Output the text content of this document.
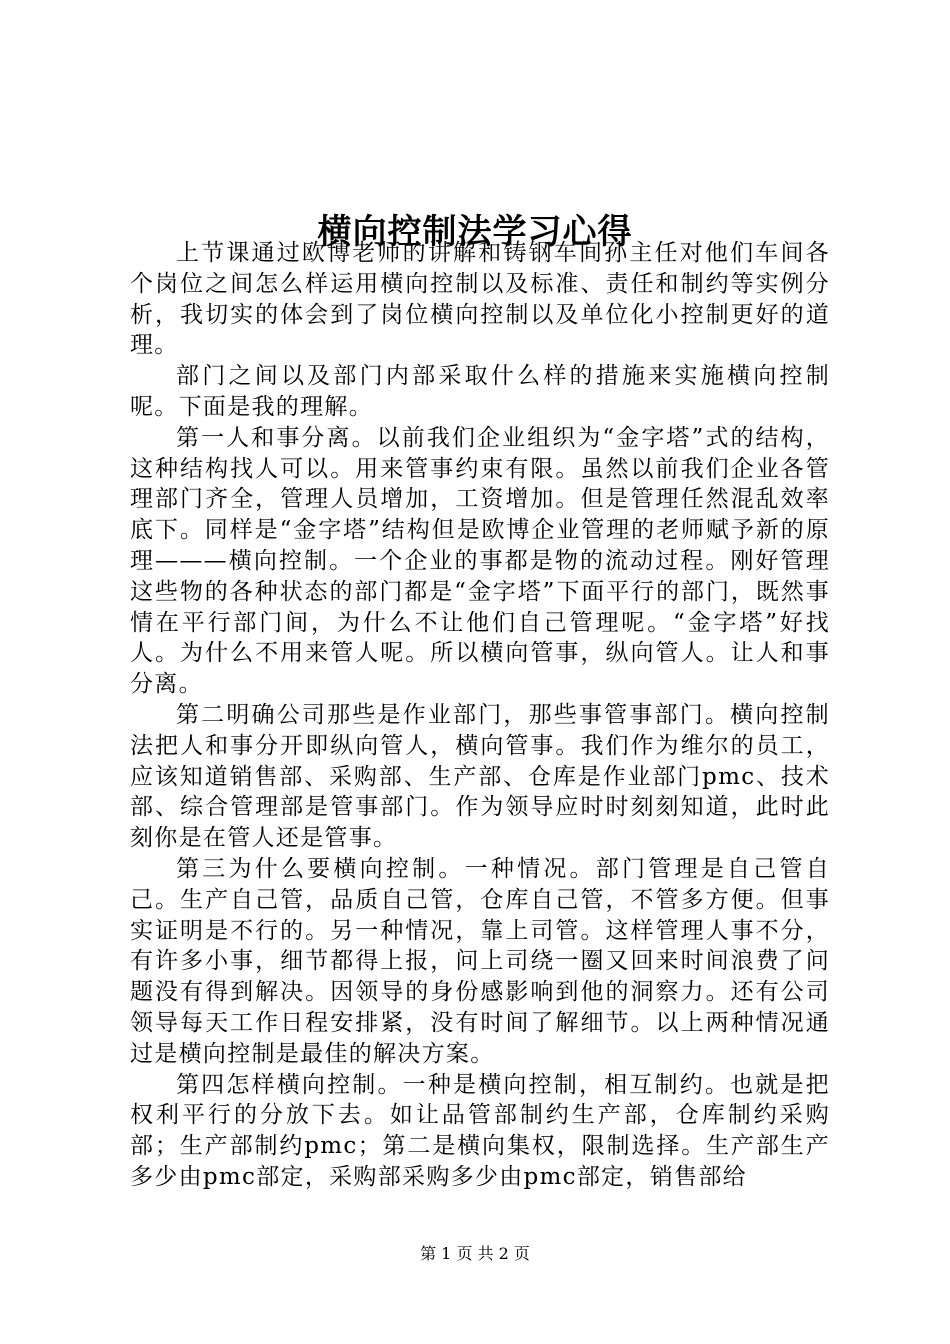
横向控制法学习心得

上节课通过欧博老师的讲解和铸钢车间孙主任对他们车间各个岗位之间怎么样运用横向控制以及标准、责任和制约等实例分析，我切实的体会到了岗位横向控制以及单位化小控制更好的道理。

部门之间以及部门内部采取什么样的措施来实施横向控制呢。下面是我的理解。

第一人和事分离。以前我们企业组织为“金字塔”式的结构，这种结构找人可以。用来管事约束有限。虽然以前我们企业各管理部门齐全，管理人员增加，工资增加。但是管理任然混乱效率底下。同样是“金字塔”结构但是欧博企业管理的老师赋予新的原理———横向控制。一个企业的事都是物的流动过程。刚好管理这些物的各种状态的部门都是“金字塔”下面平行的部门，既然事情在平行部门间，为什么不让他们自己管理呢。“金字塔”好找人。为什么不用来管人呢。所以横向管事，纵向管人。让人和事分离。

第二明确公司那些是作业部门，那些事管事部门。横向控制法把人和事分开即纵向管人，横向管事。我们作为维尔的员工，应该知道销售部、采购部、生产部、仓库是作业部门pmc、技术部、综合管理部是管事部门。作为领导应时时刻刻知道，此时此刻你是在管人还是管事。

第三为什么要横向控制。一种情况。部门管理是自己管自己。生产自己管，品质自己管，仓库自己管，不管多方便。但事实证明是不行的。另一种情况，靠上司管。这样管理人事不分，有许多小事，细节都得上报，问上司绕一圈又回来时间浪费了问题没有得到解决。因领导的身份感影响到他的洞察力。还有公司领导每天工作日程安排紧，没有时间了解细节。以上两种情况通过是横向控制是最佳的解决方案。

第四怎样横向控制。一种是横向控制，相互制约。也就是把权利平行的分放下去。如让品管部制约生产部，仓库制约采购部；生产部制约pmc；第二是横向集权，限制选择。生产部生产多少由pmc部定，采购部采购多少由pmc部定，销售部给

第 1 页 共 2 页
